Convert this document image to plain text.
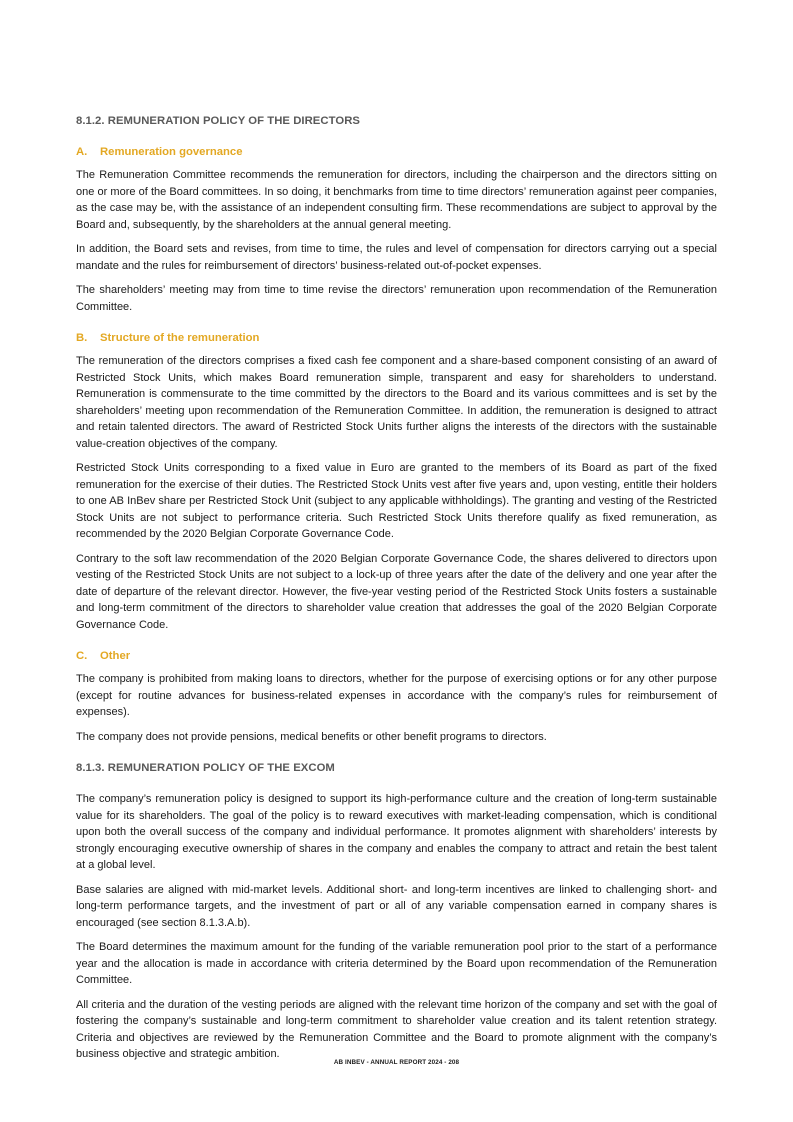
8.1.2. REMUNERATION POLICY OF THE DIRECTORS
A.	Remuneration governance

The Remuneration Committee recommends the remuneration for directors, including the chairperson and the directors sitting on one or more of the Board committees. In so doing, it benchmarks from time to time directors’ remuneration against peer companies, as the case may be, with the assistance of an independent consulting firm. These recommendations are subject to approval by the Board and, subsequently, by the shareholders at the annual general meeting.

In addition, the Board sets and revises, from time to time, the rules and level of compensation for directors carrying out a special mandate and the rules for reimbursement of directors’ business-related out-of-pocket expenses.

The shareholders’ meeting may from time to time revise the directors’ remuneration upon recommendation of the Remuneration Committee.

B.	Structure of the remuneration

The remuneration of the directors comprises a fixed cash fee component and a share-based component consisting of an award of Restricted Stock Units, which makes Board remuneration simple, transparent and easy for shareholders to understand. Remuneration is commensurate to the time committed by the directors to the Board and its various committees and is set by the shareholders’ meeting upon recommendation of the Remuneration Committee. In addition, the remuneration is designed to attract and retain talented directors. The award of Restricted Stock Units further aligns the interests of the directors with the sustainable value-creation objectives of the company.

Restricted Stock Units corresponding to a fixed value in Euro are granted to the members of its Board as part of the fixed remuneration for the exercise of their duties. The Restricted Stock Units vest after five years and, upon vesting, entitle their holders to one AB InBev share per Restricted Stock Unit (subject to any applicable withholdings). The granting and vesting of the Restricted Stock Units are not subject to performance criteria. Such Restricted Stock Units therefore qualify as fixed remuneration, as recommended by the 2020 Belgian Corporate Governance Code.

Contrary to the soft law recommendation of the 2020 Belgian Corporate Governance Code, the shares delivered to directors upon vesting of the Restricted Stock Units are not subject to a lock-up of three years after the date of the delivery and one year after the date of departure of the relevant director. However, the five-year vesting period of the Restricted Stock Units fosters a sustainable and long-term commitment of the directors to shareholder value creation that addresses the goal of the 2020 Belgian Corporate Governance Code.

C.	Other

The company is prohibited from making loans to directors, whether for the purpose of exercising options or for any other purpose (except for routine advances for business-related expenses in accordance with the company’s rules for reimbursement of expenses).

The company does not provide pensions, medical benefits or other benefit programs to directors.

8.1.3. REMUNERATION POLICY OF THE EXCOM

The company’s remuneration policy is designed to support its high-performance culture and the creation of long-term sustainable value for its shareholders. The goal of the policy is to reward executives with market-leading compensation, which is conditional upon both the overall success of the company and individual performance. It promotes alignment with shareholders’ interests by strongly encouraging executive ownership of shares in the company and enables the company to attract and retain the best talent at a global level.

Base salaries are aligned with mid-market levels. Additional short- and long-term incentives are linked to challenging short- and long-term performance targets, and the investment of part or all of any variable compensation earned in company shares is encouraged (see section 8.1.3.A.b).

The Board determines the maximum amount for the funding of the variable remuneration pool prior to the start of a performance year and the allocation is made in accordance with criteria determined by the Board upon recommendation of the Remuneration Committee.

All criteria and the duration of the vesting periods are aligned with the relevant time horizon of the company and set with the goal of fostering the company’s sustainable and long-term commitment to shareholder value creation and its talent retention strategy. Criteria and objectives are reviewed by the Remuneration Committee and the Board to promote alignment with the company’s business objective and strategic ambition.

AB INBEV - ANNUAL REPORT 2024 - 208
